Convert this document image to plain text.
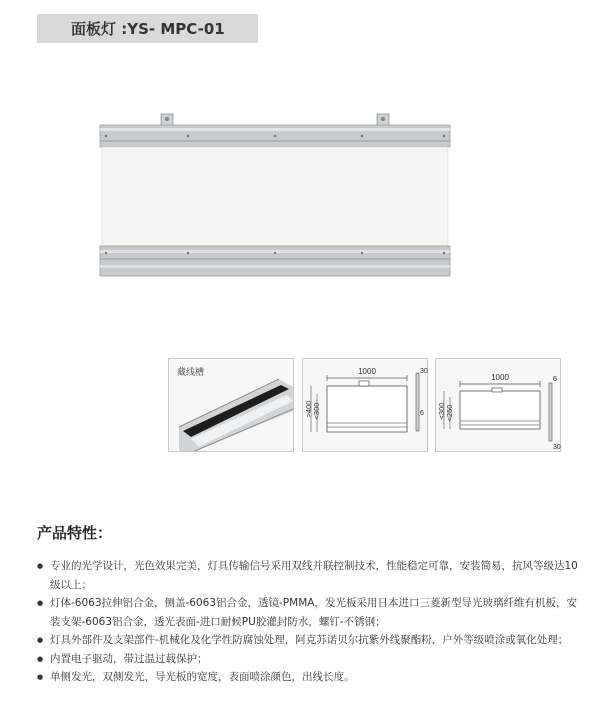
面板灯 :YS- MPC-01
藏线槽	1000
>400 <300
30
6
1000
<300 <250
6
30
产品特性：
● 专业的光学设计，光色效果完美，灯具传输信号采用双线并联控制技术，性能稳定可靠，安装简易，抗风等级达10级以上；
● 灯体-6063拉伸铝合金，侧盖-6063铝合金，透镜-PMMA，发光板采用日本进口三菱新型导光玻璃纤维有机板，安装支架-6063铝合金，透光表面-进口耐候PU胶灌封防水，螺钉-不锈钢；
● 灯具外部件及支架部件-机械化及化学性防腐蚀处理，阿克苏诺贝尔抗紫外线聚酯粉，户外等级喷涂或氧化处理；
● 内置电子驱动，带过温过载保护；
● 单侧发光，双侧发光，导光板的宽度，表面喷涂颜色，出线长度。
